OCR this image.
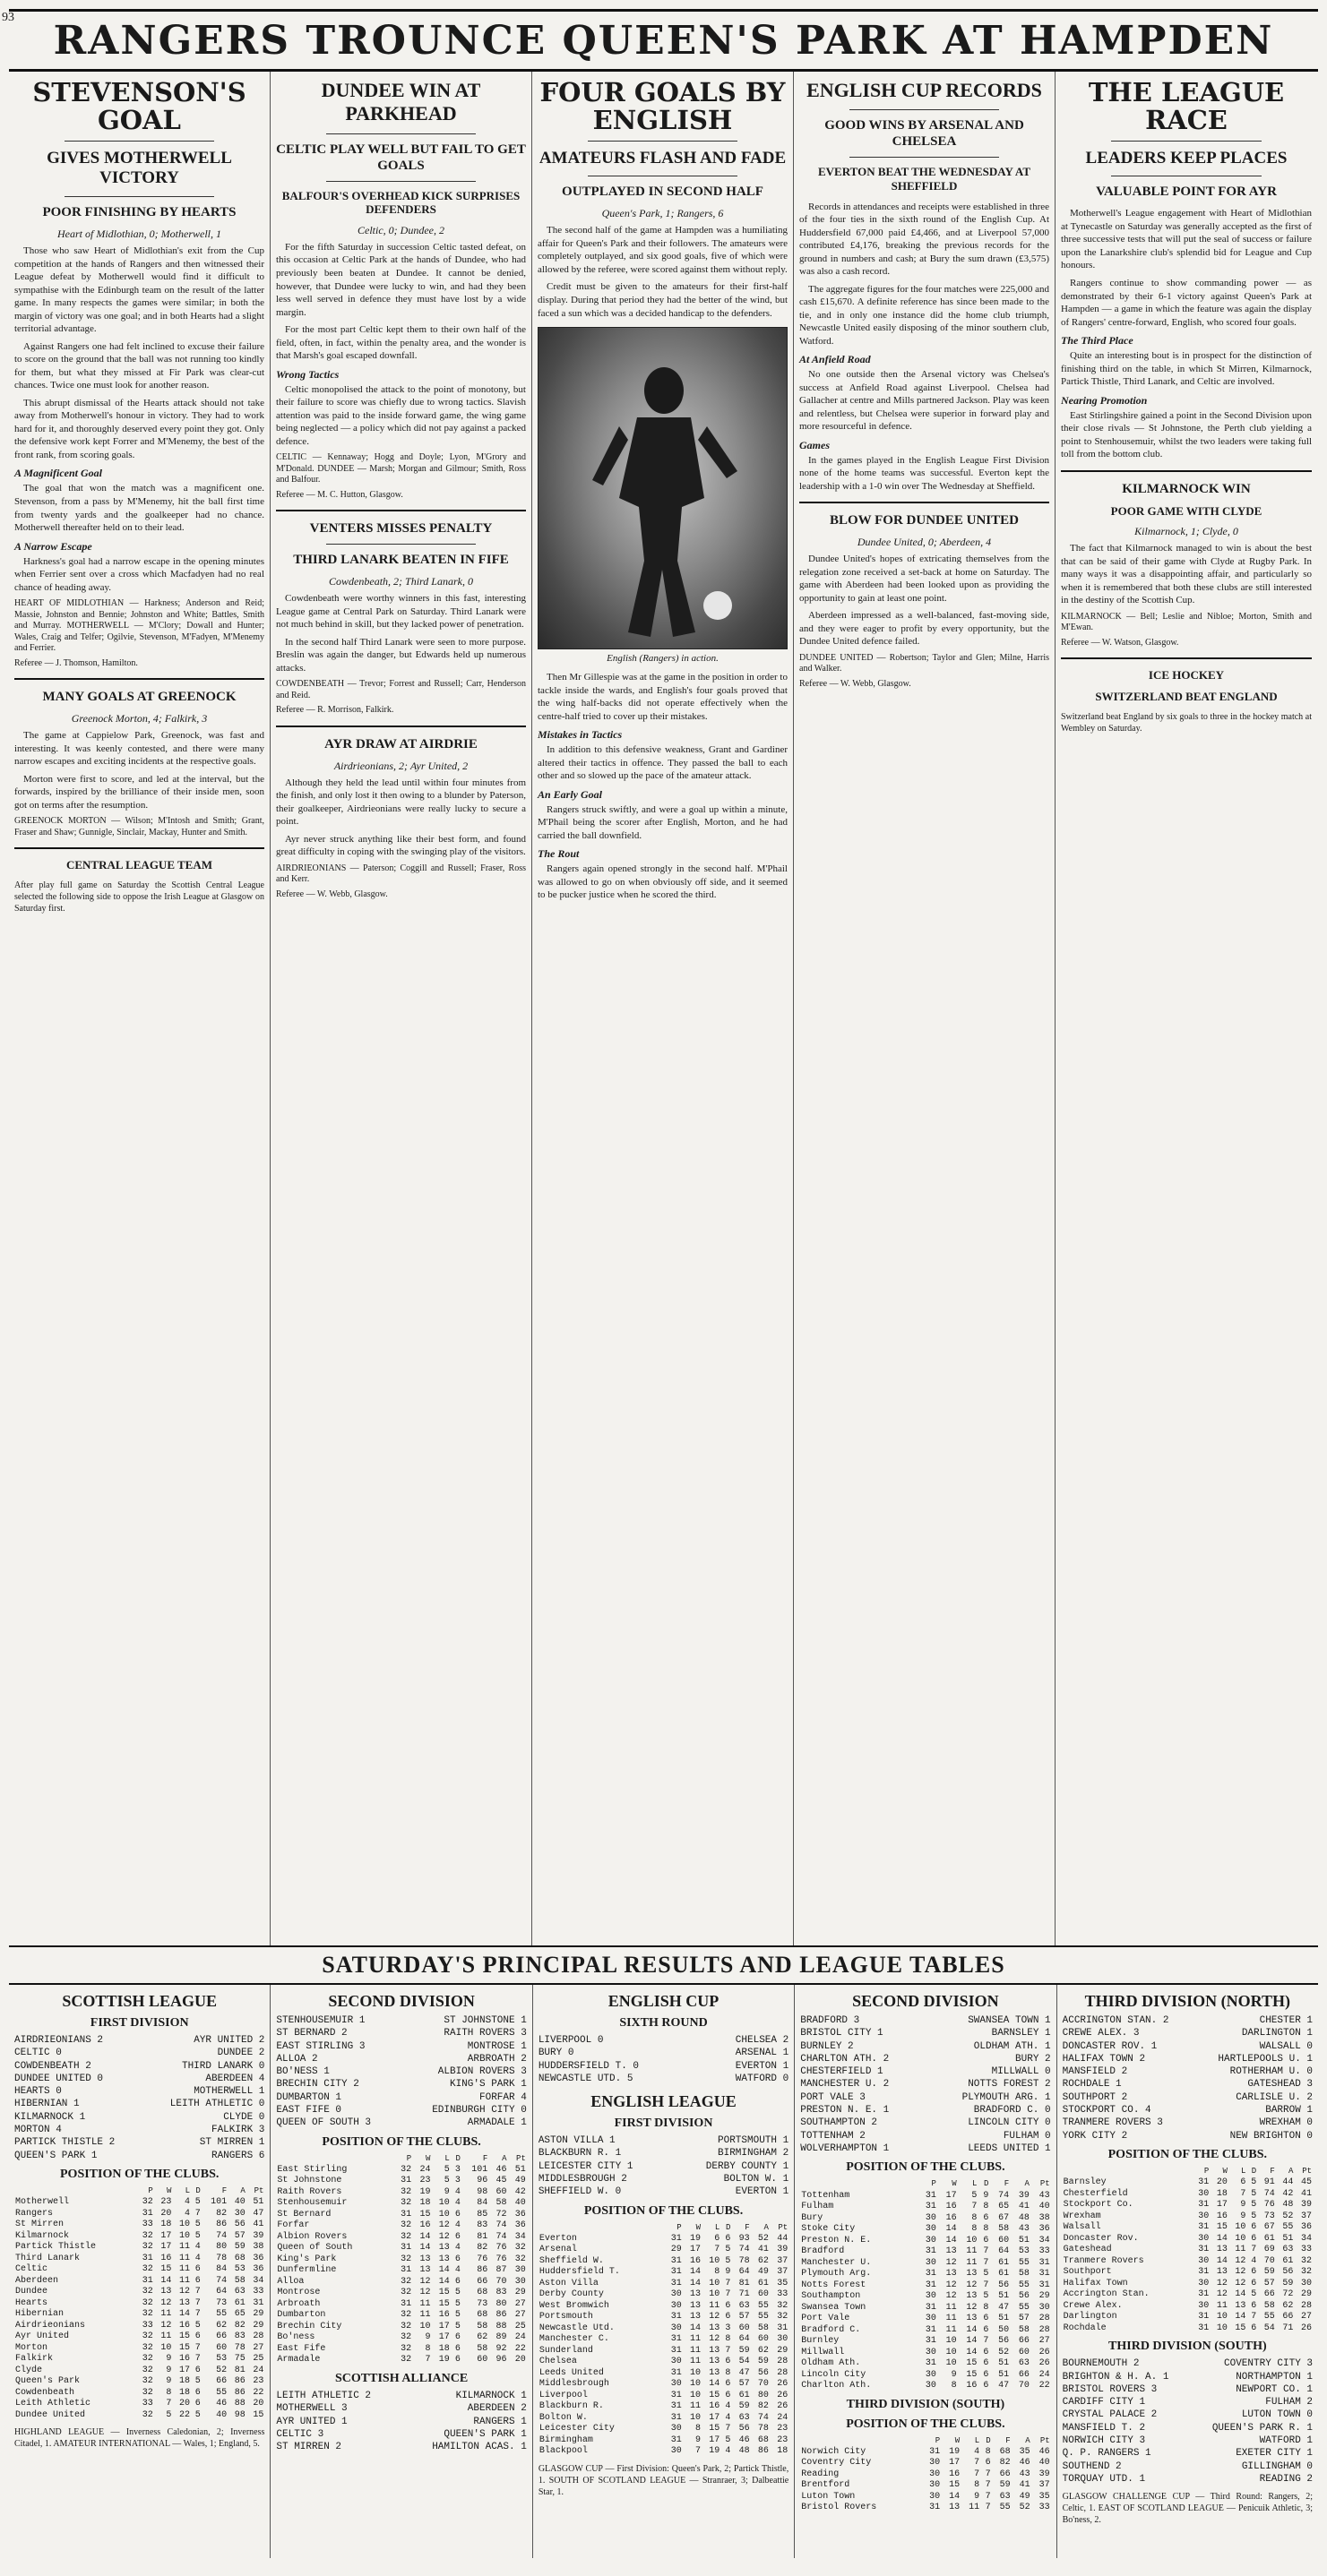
93 RANGERS TROUNCE QUEEN'S PARK AT HAMPDEN
STEVENSON'S GOAL
GIVES MOTHERWELL VICTORY
POOR FINISHING BY HEARTS
Heart of Midlothian, 0; Motherwell, 1

Those who saw Heart of Midlothian's exit from the Cup competition at the hands of Rangers and then witnessed their League defeat by Motherwell would find it difficult to sympathise with the Edinburgh team on the result of the latter game. In many respects the games were similar; in both the margin of victory was one goal; and in both Hearts had a slight territorial advantage.

Against Rangers one had felt inclined to excuse their failure to score on the ground that the ball was not running too kindly for them, but what they missed at Fir Park was clear-cut chances. Twice one must look for another reason.

This abrupt dismissal of the Hearts attack should not take away from Motherwell's honour in victory. They had to work hard for it, and thoroughly deserved every point they got. Only the defensive work kept Forrer and M'Menemy, the best of the front rank, from scoring goals.

A Magnificent Goal

The goal that won the match was a magnificent one. Stevenson, from a pass by M'Menemy, hit the ball first time from twenty yards and the goalkeeper had no chance. Motherwell thereafter held on to their lead.

A Narrow Escape

Harkness's goal had a narrow escape in the opening minutes when Ferrier sent over a cross which Macfadyen had no real chance of heading away.

HEART OF MIDLOTHIAN — Harkness; Anderson and Reid; Massie, Johnston and Bennie; Johnston and White; Battles, Smith and Murray. MOTHERWELL — M'Clory; Dowall and Hunter; Wales, Craig and Telfer; Ogilvie, Stevenson, M'Fadyen, M'Menemy and Ferrier.
Referee — J. Thomson, Hamilton.
MANY GOALS AT GREENOCK
Greenock Morton, 4; Falkirk, 3

The game at Cappielow Park, Greenock, was fast and interesting. It was keenly contested, and there were many narrow escapes and exciting incidents at the respective goals.

Morton were first to score, and led at the interval, but the forwards, inspired by the brilliance of their inside men, soon got on terms after the resumption.

GREENOCK MORTON — Wilson; M'Intosh and Smith; Grant, Fraser and Shaw; Gunnigle, Sinclair, Mackay, Hunter and Smith.
CENTRAL LEAGUE TEAM
After play full game on Saturday the Scottish Central League selected the following side to oppose the Irish League at Glasgow on Saturday first.
DUNDEE WIN AT PARKHEAD
CELTIC PLAY WELL BUT FAIL TO GET GOALS
BALFOUR'S OVERHEAD KICK SURPRISES DEFENDERS
Celtic, 0; Dundee, 2

For the fifth Saturday in succession Celtic tasted defeat, on this occasion at Celtic Park at the hands of Dundee, who had previously been beaten at Dundee. It cannot be denied, however, that Dundee were lucky to win, and had they been less well served in defence they must have lost by a wide margin.

For the most part Celtic kept them to their own half of the field, often, in fact, within the penalty area, and the wonder is that Marsh's goal escaped downfall.

Wrong Tactics

Celtic monopolised the attack to the point of monotony, but their failure to score was chiefly due to wrong tactics. Slavish attention was paid to the inside forward game, the wing game being neglected — a policy which did not pay against a packed defence.

CELTIC — Kennaway; Hogg and Doyle; Lyon, M'Grory and M'Donald. DUNDEE — Marsh; Morgan and Gilmour; Smith, Ross and Balfour.
Referee — M. C. Hutton, Glasgow.
VENTERS MISSES PENALTY
THIRD LANARK BEATEN IN FIFE
Cowdenbeath, 2; Third Lanark, 0

Cowdenbeath were worthy winners in this fast, interesting League game at Central Park on Saturday. Third Lanark were not much behind in skill, but they lacked power of penetration.

In the second half Third Lanark were seen to more purpose. Breslin was again the danger, but Edwards held up numerous attacks.

COWDENBEATH — Trevor; Forrest and Russell; Carr, Henderson and Reid.
Referee — R. Morrison, Falkirk.
AYR DRAW AT AIRDRIE
Airdrieonians, 2; Ayr United, 2

Although they held the lead until within four minutes from the finish, and only lost it then owing to a blunder by Paterson, their goalkeeper, Airdrieonians were really lucky to secure a point.

Ayr never struck anything like their best form, and found great difficulty in coping with the swinging play of the visitors.

AIRDRIEONIANS — Paterson; Coggill and Russell; Fraser, Ross and Kerr.
Referee — W. Webb, Glasgow.
FOUR GOALS BY ENGLISH
AMATEURS FLASH AND FADE
OUTPLAYED IN SECOND HALF
Queen's Park, 1; Rangers, 6

The second half of the game at Hampden was a humiliating affair for Queen's Park and their followers. The amateurs were completely outplayed, and six good goals, five of which were allowed by the referee, were scored against them without reply.

Credit must be given to the amateurs for their first-half display. During that period they had the better of the wind, but faced a sun which was a decided handicap to the defenders.

English (Rangers) in action.

Then Mr Gillespie was at the game in the position in order to tackle inside the wards, and English's four goals proved that the wing half-backs did not operate effectively when the centre-half tried to cover up their mistakes.

Mistakes in Tactics

In addition to this defensive weakness, Grant and Gardiner altered their tactics in offence. They passed the ball to each other and so slowed up the pace of the amateur attack.

An Early Goal

Rangers struck swiftly, and were a goal up within a minute, M'Phail being the scorer after English, Morton, and he had carried the ball downfield.

The Rout

Rangers again opened strongly in the second half. M'Phail was allowed to go on when obviously off side, and it seemed to be pucker justice when he scored the third.

ENGLISH CUP RECORDS
GOOD WINS BY ARSENAL AND CHELSEA
EVERTON BEAT THE WEDNESDAY AT SHEFFIELD

Records in attendances and receipts were established in three of the four ties in the sixth round of the English Cup. At Huddersfield 67,000 paid £4,466, and at Liverpool 57,000 contributed £4,176, breaking the previous records for the ground in numbers and cash; at Bury the sum drawn (£3,575) was also a cash record.

The aggregate figures for the four matches were 225,000 and cash £15,670. A definite reference has since been made to the tie, and in only one instance did the home club triumph, Newcastle United easily disposing of the minor southern club, Watford.

At Anfield Road

No one outside then the Arsenal victory was Chelsea's success at Anfield Road against Liverpool. Chelsea had Gallacher at centre and Mills partnered Jackson. Play was keen and relentless, but Chelsea were superior in forward play and more resourceful in defence.

Games

In the games played in the English League First Division none of the home teams was successful. Everton kept the leadership with a 1-0 win over The Wednesday at Sheffield.

BLOW FOR DUNDEE UNITED
Dundee United, 0; Aberdeen, 4

Dundee United's hopes of extricating themselves from the relegation zone received a set-back at home on Saturday. The game with Aberdeen had been looked upon as providing the opportunity to gain at least one point.

Aberdeen impressed as a well-balanced, fast-moving side, and they were eager to profit by every opportunity, but the Dundee United defence failed.

DUNDEE UNITED — Robertson; Taylor and Glen; Milne, Harris and Walker.
Referee — W. Webb, Glasgow.
THE LEAGUE RACE
LEADERS KEEP PLACES
VALUABLE POINT FOR AYR

Motherwell's League engagement with Heart of Midlothian at Tynecastle on Saturday was generally accepted as the first of three successive tests that will put the seal of success or failure upon the Lanarkshire club's splendid bid for League and Cup honours.

Rangers continue to show commanding power — as demonstrated by their 6-1 victory against Queen's Park at Hampden — a game in which the feature was again the display of Rangers' centre-forward, English, who scored four goals.

The Third Place

Quite an interesting bout is in prospect for the distinction of finishing third on the table, in which St Mirren, Kilmarnock, Partick Thistle, Third Lanark, and Celtic are involved.

Nearing Promotion

East Stirlingshire gained a point in the Second Division upon their close rivals — St Johnstone, the Perth club yielding a point to Stenhousemuir, whilst the two leaders were taking full toll from the bottom club.

KILMARNOCK WIN
POOR GAME WITH CLYDE
Kilmarnock, 1; Clyde, 0

The fact that Kilmarnock managed to win is about the best that can be said of their game with Clyde at Rugby Park. In many ways it was a disappointing affair, and particularly so when it is remembered that both these clubs are still interested in the destiny of the Scottish Cup.

KILMARNOCK — Bell; Leslie and Nibloe; Morton, Smith and M'Ewan.
Referee — W. Watson, Glasgow.
ICE HOCKEY
SWITZERLAND BEAT ENGLAND
Switzerland beat England by six goals to three in the hockey match at Wembley on Saturday.
SATURDAY'S PRINCIPAL RESULTS AND LEAGUE TABLES
SCOTTISH LEAGUE
FIRST DIVISION
AIRDRIEONIANS 2	AYR UNITED 2
CELTIC 0	DUNDEE 2
COWDENBEATH 2	THIRD LANARK 0
DUNDEE UNITED 0	ABERDEEN 4
HEARTS 0	MOTHERWELL 1
HIBERNIAN 1	LEITH ATHLETIC 0
KILMARNOCK 1	CLYDE 0
MORTON 4	FALKIRK 3
PARTICK THISTLE 2	ST MIRREN 1
QUEEN'S PARK 1	RANGERS 6
POSITION OF THE CLUBS.
	P	W	L	D	F	A	Pt
Motherwell	32	23	4	5	101	40	51
Rangers	31	20	4	7	82	30	47
St Mirren	33	18	10	5	86	56	41
Kilmarnock	32	17	10	5	74	57	39
Partick Thistle	32	17	11	4	80	59	38
Third Lanark	31	16	11	4	78	68	36
Celtic	32	15	11	6	84	53	36
Aberdeen	31	14	11	6	74	58	34
Dundee	32	13	12	7	64	63	33
Hearts	32	12	13	7	73	61	31
Hibernian	32	11	14	7	55	65	29
Airdrieonians	33	12	16	5	62	82	29
Ayr United	32	11	15	6	66	83	28
Morton	32	10	15	7	60	78	27
Falkirk	32	9	16	7	53	75	25
Clyde	32	9	17	6	52	81	24
Queen's Park	32	9	18	5	66	86	23
Cowdenbeath	32	8	18	6	55	86	22
Leith Athletic	33	7	20	6	46	88	20
Dundee United	32	5	22	5	40	98	15
HIGHLAND LEAGUE — Inverness Caledonian, 2; Inverness Citadel, 1. AMATEUR INTERNATIONAL — Wales, 1; England, 5.
SECOND DIVISION
STENHOUSEMUIR 1	ST JOHNSTONE 1
ST BERNARD 2	RAITH ROVERS 3
EAST STIRLING 3	MONTROSE 1
ALLOA 2	ARBROATH 2
BO'NESS 1	ALBION ROVERS 3
BRECHIN CITY 2	KING'S PARK 1
DUMBARTON 1	FORFAR 4
EAST FIFE 0	EDINBURGH CITY 0
QUEEN OF SOUTH 3	ARMADALE 1
POSITION OF THE CLUBS.
	P	W	L	D	F	A	Pt
East Stirling	32	24	5	3	101	46	51
St Johnstone	31	23	5	3	96	45	49
Raith Rovers	32	19	9	4	98	60	42
Stenhousemuir	32	18	10	4	84	58	40
St Bernard	31	15	10	6	85	72	36
Forfar	32	16	12	4	83	74	36
Albion Rovers	32	14	12	6	81	74	34
Queen of South	31	14	13	4	82	76	32
King's Park	32	13	13	6	76	76	32
Dunfermline	31	13	14	4	86	87	30
Alloa	32	12	14	6	66	70	30
Montrose	32	12	15	5	68	83	29
Arbroath	31	11	15	5	73	80	27
Dumbarton	32	11	16	5	68	86	27
Brechin City	32	10	17	5	58	88	25
Bo'ness	32	9	17	6	62	89	24
East Fife	32	8	18	6	58	92	22
Armadale	32	7	19	6	60	96	20
SCOTTISH ALLIANCE
LEITH ATHLETIC 2	KILMARNOCK 1
MOTHERWELL 3	ABERDEEN 2
AYR UNITED 1	RANGERS 1
CELTIC 3	QUEEN'S PARK 1
ST MIRREN 2	HAMILTON ACAS. 1
ENGLISH CUP
SIXTH ROUND
LIVERPOOL 0	CHELSEA 2
BURY 0	ARSENAL 1
HUDDERSFIELD T. 0	EVERTON 1
NEWCASTLE UTD. 5	WATFORD 0
ENGLISH LEAGUE
FIRST DIVISION
ASTON VILLA 1	PORTSMOUTH 1
BLACKBURN R. 1	BIRMINGHAM 2
LEICESTER CITY 1	DERBY COUNTY 1
MIDDLESBROUGH 2	BOLTON W. 1
SHEFFIELD W. 0	EVERTON 1
POSITION OF THE CLUBS.
	P	W	L	D	F	A	Pt
Everton	31	19	6	6	93	52	44
Arsenal	29	17	7	5	74	41	39
Sheffield W.	31	16	10	5	78	62	37
Huddersfield T.	31	14	8	9	64	49	37
Aston Villa	31	14	10	7	81	61	35
Derby County	30	13	10	7	71	60	33
West Bromwich	30	13	11	6	63	55	32
Portsmouth	31	13	12	6	57	55	32
Newcastle Utd.	30	14	13	3	60	58	31
Manchester C.	31	11	12	8	64	60	30
Sunderland	31	11	13	7	59	62	29
Chelsea	30	11	13	6	54	59	28
Leeds United	31	10	13	8	47	56	28
Middlesbrough	30	10	14	6	57	70	26
Liverpool	31	10	15	6	61	80	26
Blackburn R.	31	11	16	4	59	82	26
Bolton W.	31	10	17	4	63	74	24
Leicester City	30	8	15	7	56	78	23
Birmingham	31	9	17	5	46	68	23
Blackpool	30	7	19	4	48	86	18
GLASGOW CUP — First Division: Queen's Park, 2; Partick Thistle, 1. SOUTH OF SCOTLAND LEAGUE — Stranraer, 3; Dalbeattie Star, 1.
SECOND DIVISION
BRADFORD 3	SWANSEA TOWN 1
BRISTOL CITY 1	BARNSLEY 1
BURNLEY 2	OLDHAM ATH. 1
CHARLTON ATH. 2	BURY 2
CHESTERFIELD 1	MILLWALL 0
MANCHESTER U. 2	NOTTS FOREST 2
PORT VALE 3	PLYMOUTH ARG. 1
PRESTON N. E. 1	BRADFORD C. 0
SOUTHAMPTON 2	LINCOLN CITY 0
TOTTENHAM 2	FULHAM 0
WOLVERHAMPTON 1	LEEDS UNITED 1
POSITION OF THE CLUBS.
	P	W	L	D	F	A	Pt
Tottenham	31	17	5	9	74	39	43
Fulham	31	16	7	8	65	41	40
Bury	30	16	8	6	67	48	38
Stoke City	30	14	8	8	58	43	36
Preston N. E.	30	14	10	6	60	51	34
Bradford	31	13	11	7	64	53	33
Manchester U.	30	12	11	7	61	55	31
Plymouth Arg.	31	13	13	5	61	58	31
Notts Forest	31	12	12	7	56	55	31
Southampton	30	12	13	5	51	56	29
Swansea Town	31	11	12	8	47	55	30
Port Vale	30	11	13	6	51	57	28
Bradford C.	31	11	14	6	50	58	28
Burnley	31	10	14	7	56	66	27
Millwall	30	10	14	6	52	60	26
Oldham Ath.	31	10	15	6	51	63	26
Lincoln City	30	9	15	6	51	66	24
Charlton Ath.	30	8	16	6	47	70	22
THIRD DIVISION (SOUTH)
POSITION OF THE CLUBS.
	P	W	L	D	F	A	Pt
Norwich City	31	19	4	8	68	35	46
Coventry City	30	17	7	6	82	46	40
Reading	30	16	7	7	66	43	39
Brentford	30	15	8	7	59	41	37
Luton Town	30	14	9	7	63	49	35
Bristol Rovers	31	13	11	7	55	52	33
THIRD DIVISION (NORTH)
ACCRINGTON STAN. 2	CHESTER 1
CREWE ALEX. 3	DARLINGTON 1
DONCASTER ROV. 1	WALSALL 0
HALIFAX TOWN 2	HARTLEPOOLS U. 1
MANSFIELD 2	ROTHERHAM U. 0
ROCHDALE 1	GATESHEAD 3
SOUTHPORT 2	CARLISLE U. 2
STOCKPORT CO. 4	BARROW 1
TRANMERE ROVERS 3	WREXHAM 0
YORK CITY 2	NEW BRIGHTON 0
POSITION OF THE CLUBS.
	P	W	L	D	F	A	Pt
Barnsley	31	20	6	5	91	44	45
Chesterfield	30	18	7	5	74	42	41
Stockport Co.	31	17	9	5	76	48	39
Wrexham	30	16	9	5	73	52	37
Walsall	31	15	10	6	67	55	36
Doncaster Rov.	30	14	10	6	61	51	34
Gateshead	31	13	11	7	69	63	33
Tranmere Rovers	30	14	12	4	70	61	32
Southport	31	13	12	6	59	56	32
Halifax Town	30	12	12	6	57	59	30
Accrington Stan.	31	12	14	5	66	72	29
Crewe Alex.	30	11	13	6	58	62	28
Darlington	31	10	14	7	55	66	27
Rochdale	31	10	15	6	54	71	26
THIRD DIVISION (SOUTH)
BOURNEMOUTH 2	COVENTRY CITY 3
BRIGHTON & H. A. 1	NORTHAMPTON 1
BRISTOL ROVERS 3	NEWPORT CO. 1
CARDIFF CITY 1	FULHAM 2
CRYSTAL PALACE 2	LUTON TOWN 0
MANSFIELD T. 2	QUEEN'S PARK R. 1
NORWICH CITY 3	WATFORD 1
Q. P. RANGERS 1	EXETER CITY 1
SOUTHEND 2	GILLINGHAM 0
TORQUAY UTD. 1	READING 2
GLASGOW CHALLENGE CUP — Third Round: Rangers, 2; Celtic, 1. EAST OF SCOTLAND LEAGUE — Penicuik Athletic, 3; Bo'ness, 2.
